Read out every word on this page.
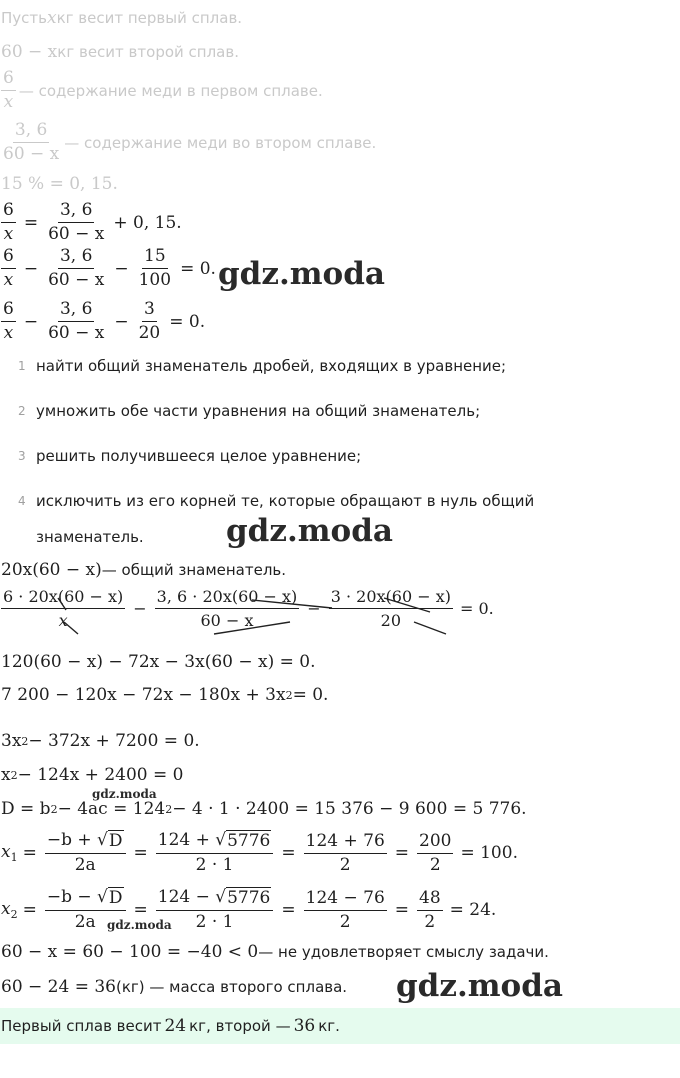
Пусть x кг весит первый сплав.
60 − x кг весит второй сплав.
$\frac{6}{x}$ — содержание меди в первом сплаве.
$\frac{3, 6}{60 - x}$ — содержание меди во втором сплаве.
15 % = 0, 15.
$\frac{6}{x} = \frac{3, 6}{60 - x} + 0$, 15.
$\frac{6}{x} - \frac{3, 6}{60 - x} - \frac{15}{100} = 0$.
$\frac{6}{x} - \frac{3, 6}{60 - x} - \frac{3}{20} = 0$.
1 найти общий знаменатель дробей, входящих в уравнение;
2 умножить обе части уравнения на общий знаменатель;
3 решить получившееся целое уравнение;
4 исключить из его корней те, которые обращают в нуль общий
знаменатель.
20x(60 − x) — общий знаменатель.
$\frac{6 \cdot 20x(60 - x)}{x} - \frac{3, 6 \cdot 20x(60 - x)}{60 - x} - \frac{3 \cdot 20x(60 - x)}{20} = 0$.
120(60 − x) − 72x − 3x(60 − x) = 0.
7 200 − 120x − 72x − 180x + 3x 2 = 0.
3x 2 − 372x + 7200 = 0.
x 2 − 124x + 2400 = 0
D = b 2 − 4ac = 124 2 − 4 · 1 · 2400 = 15 376 − 9 600 = 5 776.
$x_1 = \frac{-b + √ D}{2a} = \frac{124 + √ 5776}{2 \cdot 1} = \frac{124 + 76}{2} = \frac{200}{2} = 100$.
$x_2 = \frac{-b - √ D}{2a} = \frac{124 - √ 5776}{2 \cdot 1} = \frac{124 - 76}{2} = \frac{48}{2} = 24$.
60 − x = 60 − 100 = −40 < 0 — не удовлетворяет смыслу задачи.
60 − 24 = 36 (кг) — масса второго сплава.
Первый сплав весит 24 кг, второй — 36 кг.
gdz.moda
gdz.moda
gdz.moda
gdz.moda
gdz.moda
